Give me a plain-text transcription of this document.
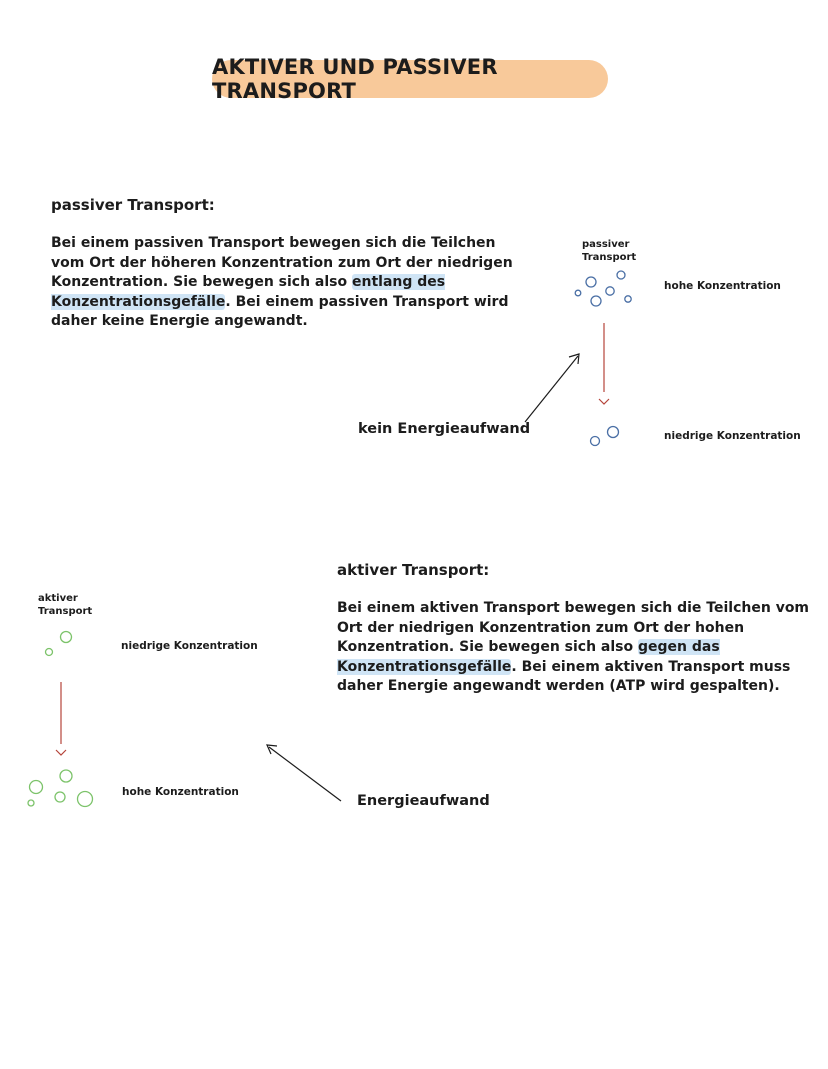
AKTIVER UND PASSIVER TRANSPORT
passiver Transport:
Bei einem passiven Transport bewegen sich die Teilchen vom Ort der höheren Konzentration zum Ort der niedrigen Konzentration. Sie bewegen sich also entlang des Konzentrationsgefälle. Bei einem passiven Transport wird daher keine Energie angewandt.
passiver
Transport
hohe Konzentration
niedrige Konzentration
kein Energieaufwand
aktiver Transport:
Bei einem aktiven Transport bewegen sich die Teilchen vom Ort der niedrigen Konzentration zum Ort der hohen Konzentration. Sie bewegen sich also gegen das Konzentrationsgefälle. Bei einem aktiven Transport muss daher Energie angewandt werden (ATP wird gespalten).
aktiver
Transport
niedrige Konzentration
hohe Konzentration
Energieaufwand
